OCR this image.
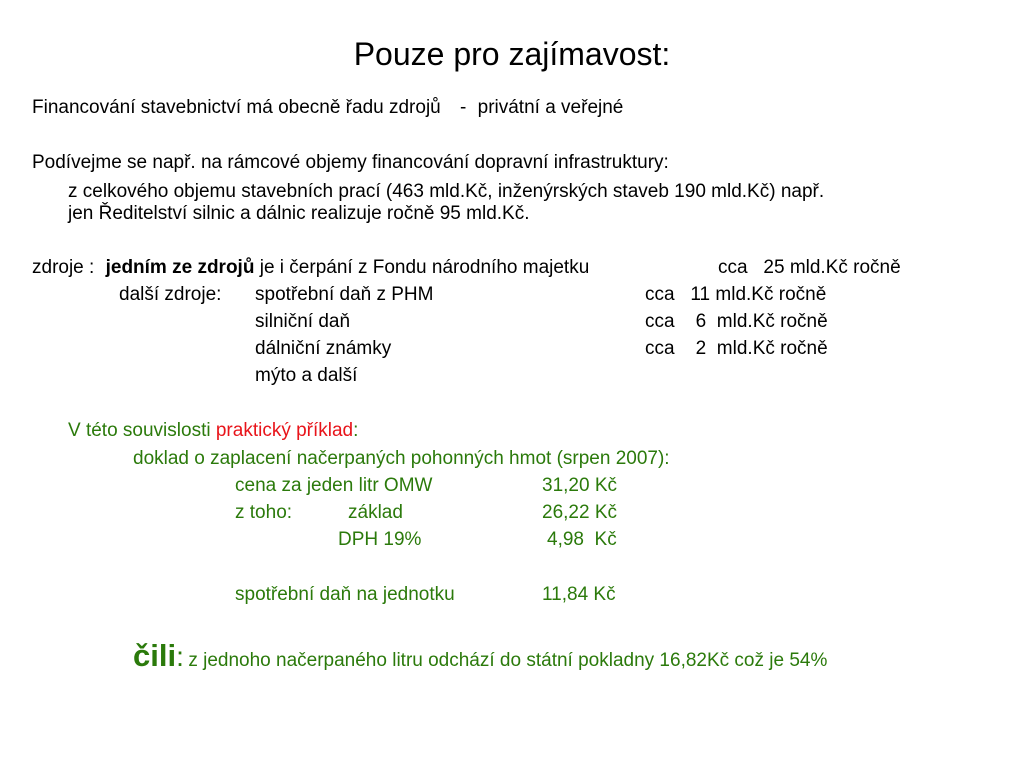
Pouze pro zajímavost:
Financování stavebnictví má obecně řadu zdrojů - privátní a veřejné
Podívejme se např. na rámcové objemy financování dopravní infrastruktury:
z celkového objemu stavebních prací (463 mld.Kč, inženýrských staveb 190 mld.Kč) např.
jen Ředitelství silnic a dálnic realizuje ročně 95 mld.Kč.
zdroje : jedním ze zdrojů je i čerpání z Fondu národního majetku	cca   25 mld.Kč ročně
další zdroje: spotřební daň z PHM	cca   11 mld.Kč ročně
silniční daň	cca    6  mld.Kč ročně
dálniční známky	cca    2  mld.Kč ročně
mýto a další
V této souvislosti praktický příklad:
doklad o zaplacení načerpaných pohonných hmot (srpen 2007):
cena za jeden litr OMW	31,20 Kč
z toho:	základ	26,22 Kč
DPH 19%	4,98  Kč
spotřební daň na jednotku	11,84 Kč
čili: z jednoho načerpaného litru odchází do státní pokladny 16,82Kč což je 54%
